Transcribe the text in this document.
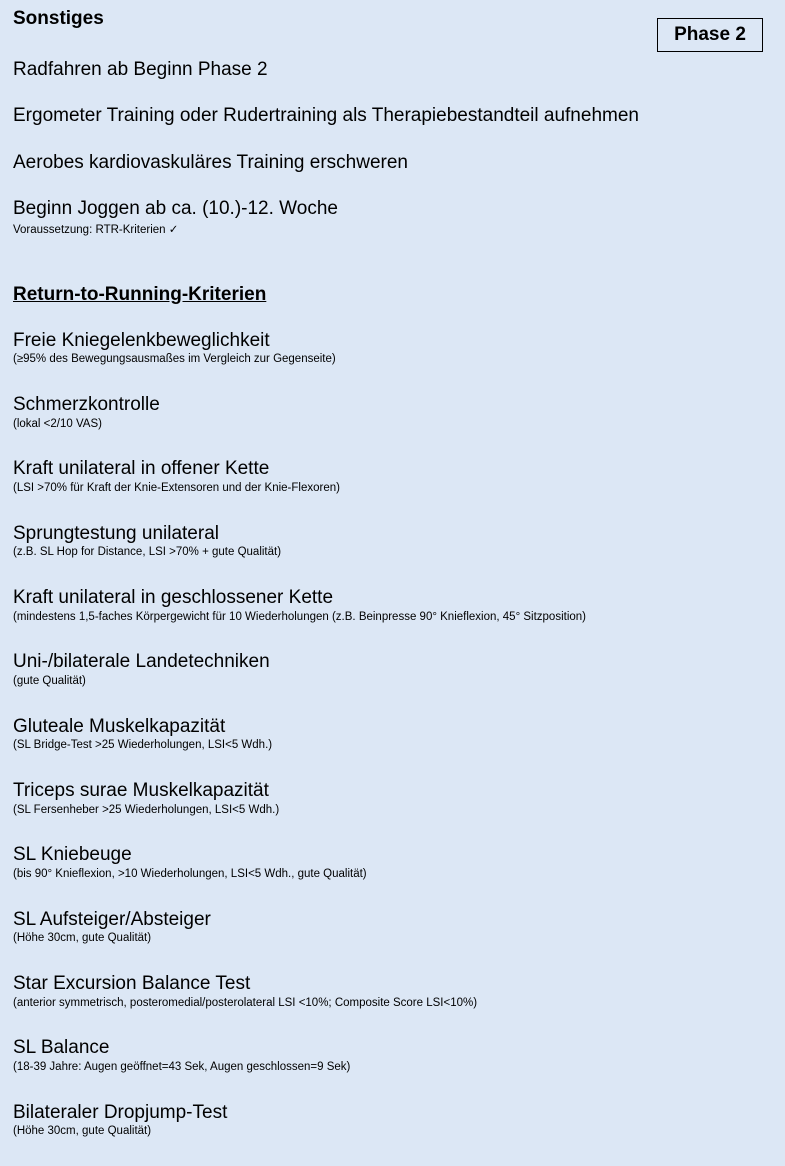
Sonstiges
Phase 2
Radfahren ab Beginn Phase 2
Ergometer Training oder Rudertraining als Therapiebestandteil aufnehmen
Aerobes kardiovaskuläres Training erschweren
Beginn Joggen ab ca. (10.)-12. Woche
Voraussetzung: RTR-Kriterien ✓
Return-to-Running-Kriterien
Freie Kniegelenkbeweglichkeit
(≥95% des Bewegungsausmaßes im Vergleich zur Gegenseite)
Schmerzkontrolle
(lokal <2/10 VAS)
Kraft unilateral in offener Kette
(LSI >70% für Kraft der Knie-Extensoren und der Knie-Flexoren)
Sprungtestung unilateral
(z.B. SL Hop for Distance, LSI >70% + gute Qualität)
Kraft unilateral in geschlossener Kette
(mindestens 1,5-faches Körpergewicht für 10 Wiederholungen (z.B. Beinpresse 90° Knieflexion, 45° Sitzposition)
Uni-/bilaterale Landetechniken
(gute Qualität)
Gluteale Muskelkapazität
(SL Bridge-Test >25 Wiederholungen, LSI<5 Wdh.)
Triceps surae Muskelkapazität
(SL Fersenheber >25 Wiederholungen, LSI<5 Wdh.)
SL Kniebeuge
(bis 90° Knieflexion, >10 Wiederholungen, LSI<5 Wdh., gute Qualität)
SL Aufsteiger/Absteiger
(Höhe 30cm, gute Qualität)
Star Excursion Balance Test
(anterior symmetrisch, posteromedial/posterolateral LSI <10%; Composite Score LSI<10%)
SL Balance
(18-39 Jahre: Augen geöffnet=43 Sek, Augen geschlossen=9 Sek)
Bilateraler Dropjump-Test
(Höhe 30cm, gute Qualität)
